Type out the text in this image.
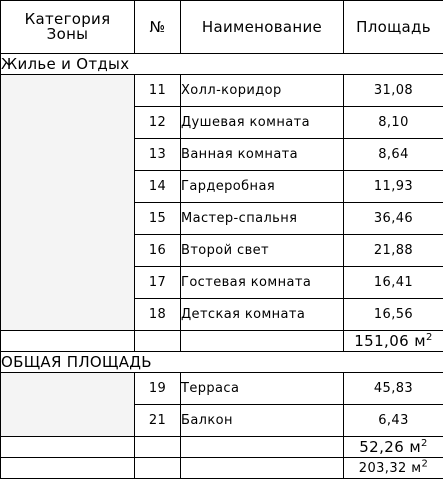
Категория
Зоны	№	Наименование	Площадь
Жилье и Отдых			
	11	Холл-коридор	31,08
	12	Душевая комната	8,10
	13	Ванная комната	8,64
	14	Гардеробная	11,93
	15	Мастер-спальня	36,46
	16	Второй свет	21,88
	17	Гостевая комната	16,41
	18	Детская комната	16,56
			151,06 $м^2$
ОБЩАЯ ПЛОЩАДЬ			
	19	Терраса	45,83
	21	Балкон	6,43
			52,26 $м^2$
			203,32 $м^2$
